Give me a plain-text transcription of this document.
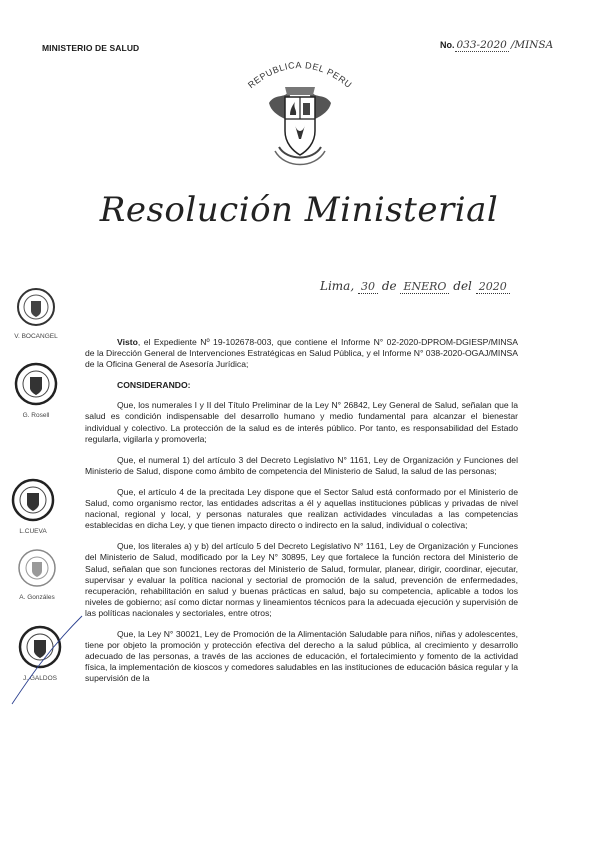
MINISTERIO DE SALUD	No. 033-2020 /MINSA
REPUBLICA DEL PERU
Resolución Ministerial
Lima, 30 de ENERO del 2020
V. BOCANGEL
G. Rosell
L.CUEVA
A. Gonzáles
J. GALDOS

Visto, el Expediente Nº 19-102678-003, que contiene el Informe N° 02-2020-DPROM-DGIESP/MINSA de la Dirección General de Intervenciones Estratégicas en Salud Pública, y el Informe N° 038-2020-OGAJ/MINSA de la Oficina General de Asesoría Jurídica;

CONSIDERANDO:

Que, los numerales I y II del Título Preliminar de la Ley N° 26842, Ley General de Salud, señalan que la salud es condición indispensable del desarrollo humano y medio fundamental para alcanzar el bienestar individual y colectivo. La protección de la salud es de interés público. Por tanto, es responsabilidad del Estado regularla, vigilarla y promoverla;

Que, el numeral 1) del artículo 3 del Decreto Legislativo N° 1161, Ley de Organización y Funciones del Ministerio de Salud, dispone como ámbito de competencia del Ministerio de Salud, la salud de las personas;

Que, el artículo 4 de la precitada Ley dispone que el Sector Salud está conformado por el Ministerio de Salud, como organismo rector, las entidades adscritas a él y aquellas instituciones públicas y privadas de nivel nacional, regional y local, y personas naturales que realizan actividades vinculadas a las competencias establecidas en dicha Ley, y que tienen impacto directo o indirecto en la salud, individual o colectiva;

Que, los literales a) y b) del artículo 5 del Decreto Legislativo N° 1161, Ley de Organización y Funciones del Ministerio de Salud, modificado por la Ley N° 30895, Ley que fortalece la función rectora del Ministerio de Salud, señalan que son funciones rectoras del Ministerio de Salud, formular, planear, dirigir, coordinar, ejecutar, supervisar y evaluar la política nacional y sectorial de promoción de la salud, prevención de enfermedades, recuperación, rehabilitación en salud y buenas prácticas en salud, bajo su competencia, aplicable a todos los niveles de gobierno; así como dictar normas y lineamientos técnicos para la adecuada ejecución y supervisión de las políticas nacionales y sectoriales, entre otros;

Que, la Ley N° 30021, Ley de Promoción de la Alimentación Saludable para niños, niñas y adolescentes, tiene por objeto la promoción y protección efectiva del derecho a la salud pública, al crecimiento y desarrollo adecuado de las personas, a través de las acciones de educación, el fortalecimiento y fomento de la actividad física, la implementación de kioscos y comedores saludables en las instituciones de educación básica regular y la supervisión de la
